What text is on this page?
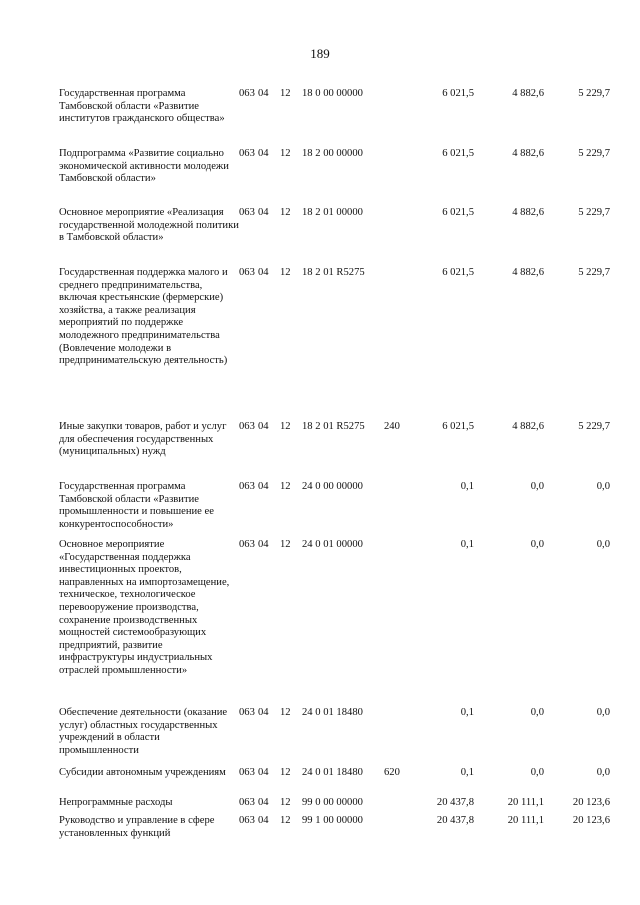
189
Государственная программа Тамбовской области «Развитие институтов гражданского общества»
063 04 12 18 0 00 00000	6 021,5	4 882,6	5 229,7
Подпрограмма «Развитие социально экономической активности молодежи Тамбовской области»
063 04 12 18 2 00 00000	6 021,5	4 882,6	5 229,7
Основное мероприятие «Реализация государственной молодежной политики в Тамбовской области»
063 04 12 18 2 01 00000	6 021,5	4 882,6	5 229,7
Государственная поддержка малого и среднего предпринимательства, включая крестьянские (фермерские) хозяйства, а также реализация мероприятий по поддержке молодежного предпринимательства (Вовлечение молодежи в предпринимательскую деятельность)
063 04 12 18 2 01 R5275	6 021,5	4 882,6	5 229,7
Иные закупки товаров, работ и услуг для обеспечения государственных (муниципальных) нужд
063 04 12 18 2 01 R5275 240	6 021,5	4 882,6	5 229,7
Государственная программа Тамбовской области «Развитие промышленности и повышение ее конкурентоспособности»
063 04 12 24 0 00 00000	0,1	0,0	0,0
Основное мероприятие «Государственная поддержка инвестиционных проектов, направленных на импортозамещение, техническое, технологическое перевооружение производства, сохранение производственных мощностей системообразующих предприятий, развитие инфраструктуры индустриальных отраслей промышленности»
063 04 12 24 0 01 00000	0,1	0,0	0,0
Обеспечение деятельности (оказание услуг) областных государственных учреждений в области промышленности
063 04 12 24 0 01 18480	0,1	0,0	0,0
Субсидии автономным учреждениям	063 04 12 24 0 01 18480 620	0,1	0,0	0,0
Непрограммные расходы	063 04 12 99 0 00 00000	20 437,8	20 111,1	20 123,6
Руководство и управление в сфере установленных функций
063 04 12 99 1 00 00000	20 437,8	20 111,1	20 123,6
